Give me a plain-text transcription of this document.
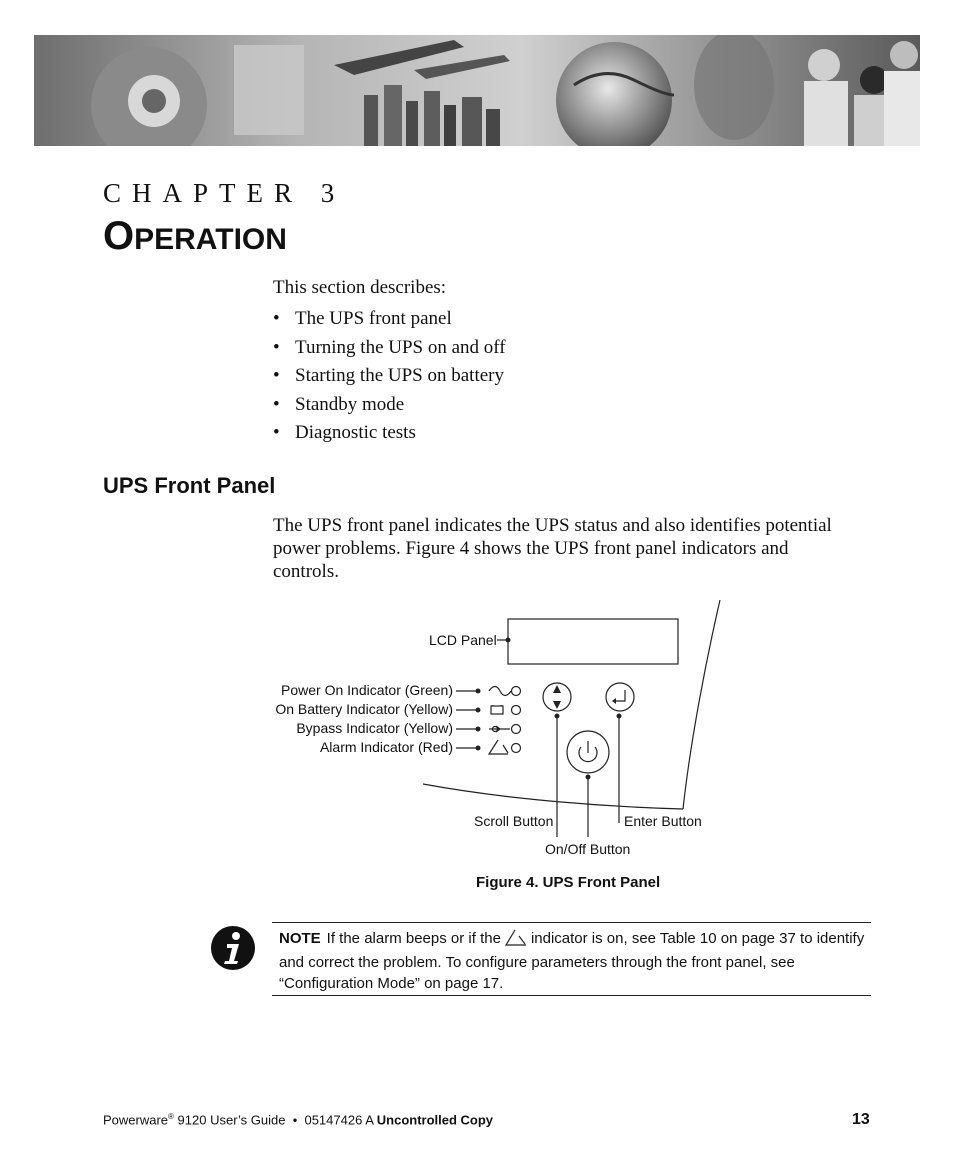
CHAPTER 3
OPERATION
This section describes:
• The UPS front panel
• Turning the UPS on and off
• Starting the UPS on battery
• Standby mode
• Diagnostic tests
UPS Front Panel
The UPS front panel indicates the UPS status and also identifies potential power problems. Figure 4 shows the UPS front panel indicators and controls.
LCD Panel
Power On Indicator (Green)
On Battery Indicator (Yellow)
Bypass Indicator (Yellow)
Alarm Indicator (Red)
Scroll Button	Enter Button
On/Off Button
Figure 4. UPS Front Panel
NOTE If the alarm beeps or if the indicator is on, see Table 10 on page 37 to identify and correct the problem. To configure parameters through the front panel, see “Configuration Mode” on page 17.
Powerware® 9120 User’s Guide  •  05147426 A Uncontrolled Copy	13
